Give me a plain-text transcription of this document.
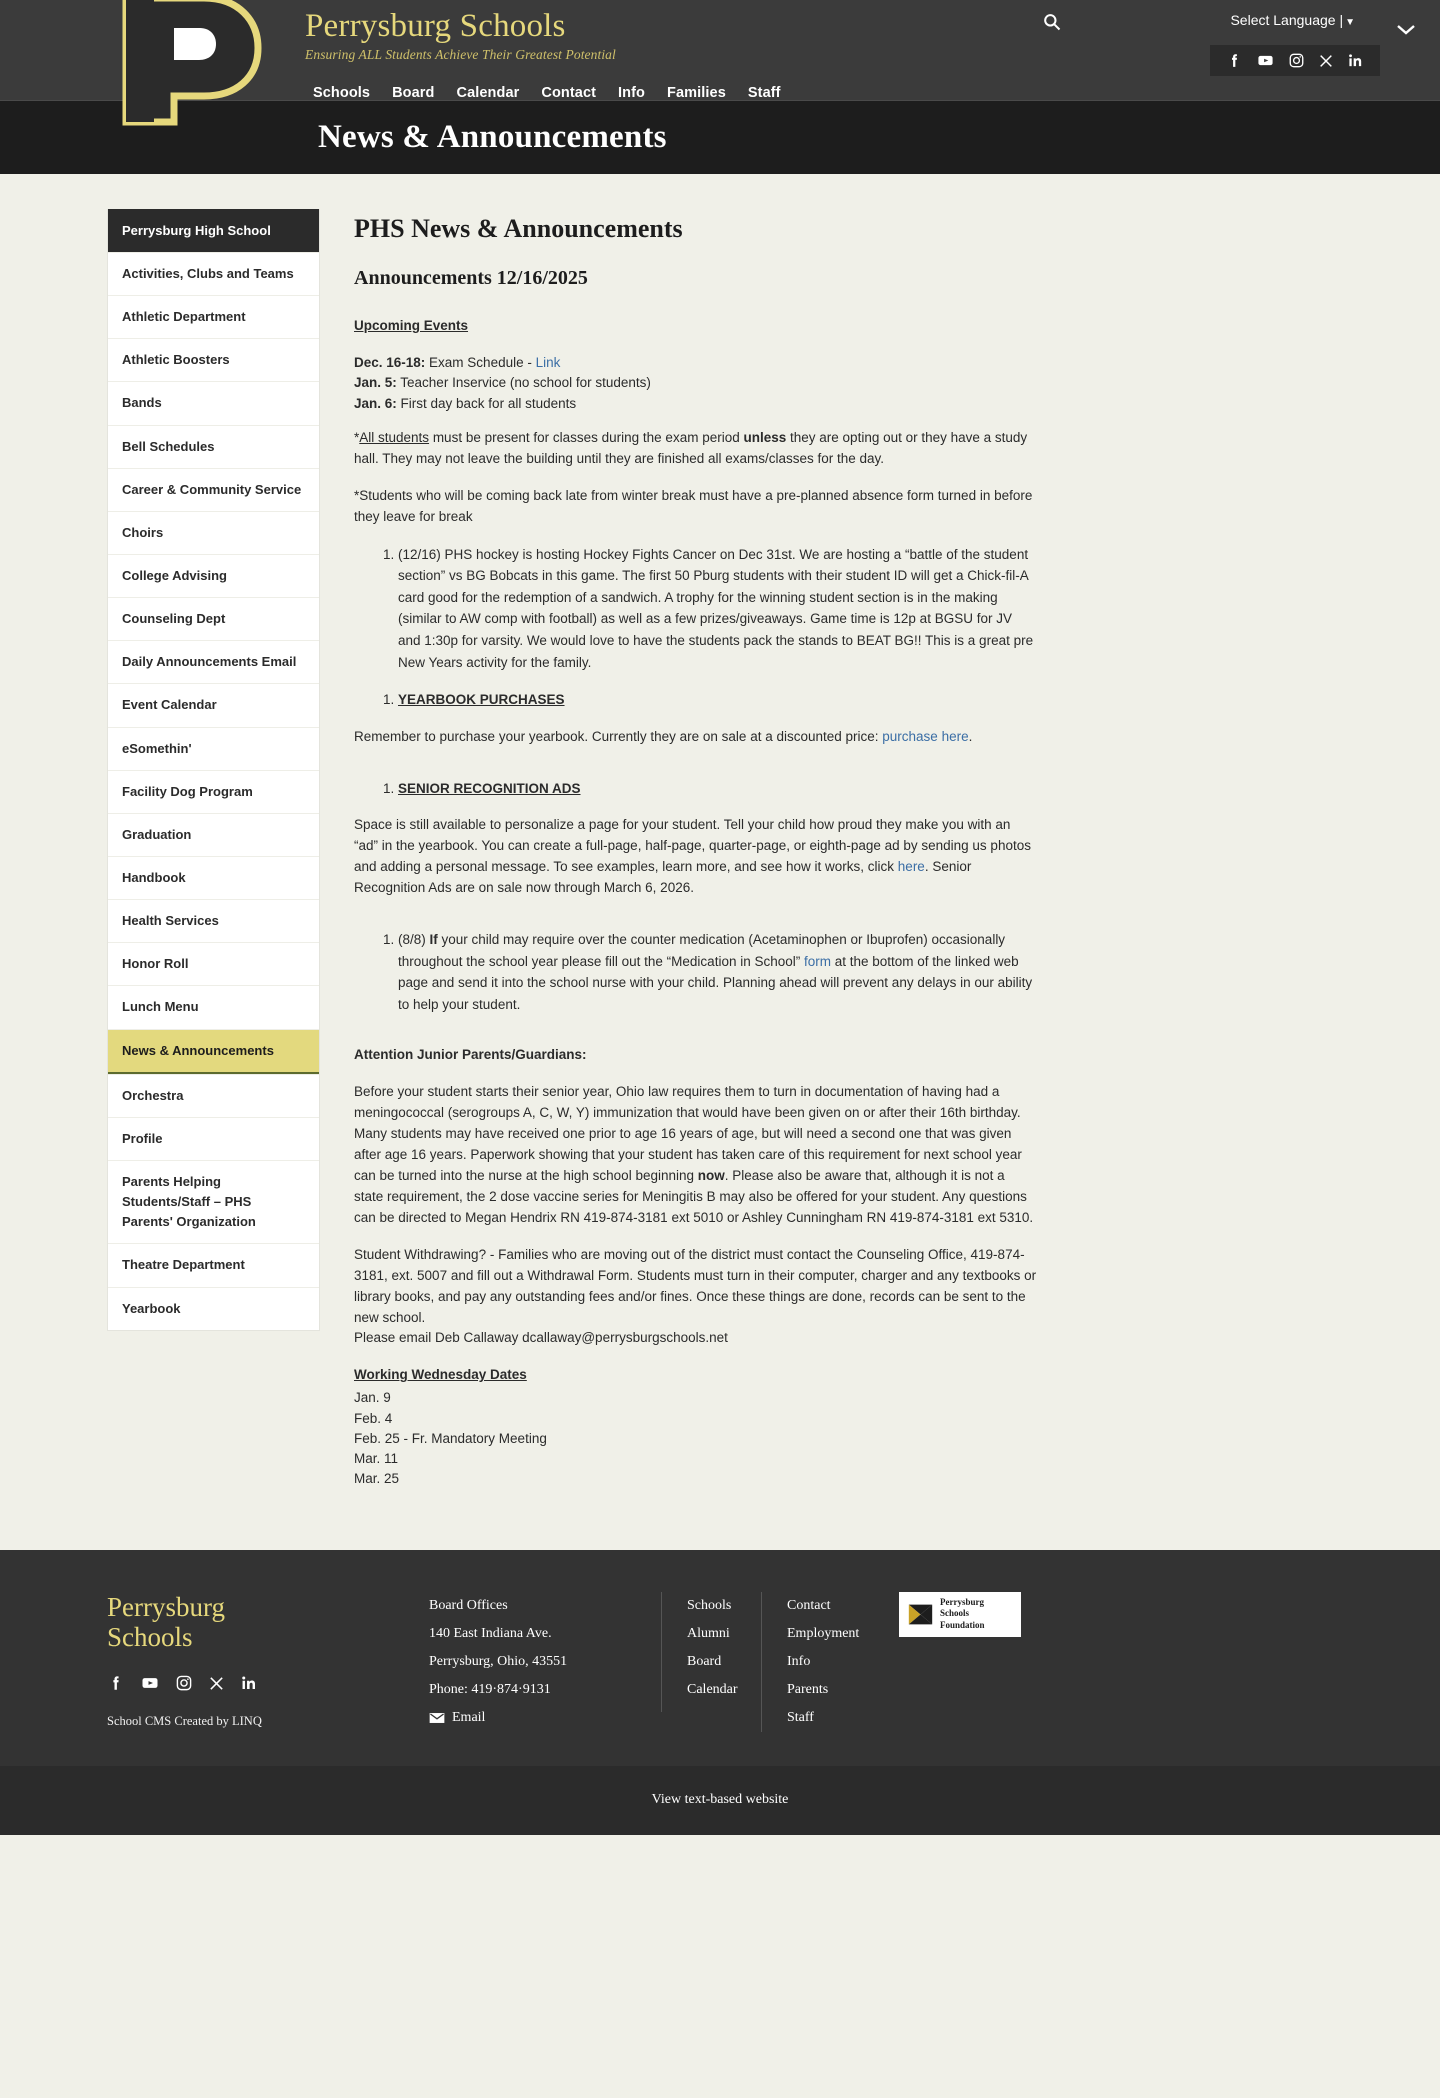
Perrysburg Schools
Ensuring ALL Students Achieve Their Greatest Potential
Schools Board Calendar Contact Info Families Staff
Select Language | ▼
News & Announcements
Perrysburg High School
Activities, Clubs and Teams
Athletic Department
Athletic Boosters
Bands
Bell Schedules
Career & Community Service
Choirs
College Advising
Counseling Dept
Daily Announcements Email
Event Calendar
eSomethin'
Facility Dog Program
Graduation
Handbook
Health Services
Honor Roll
Lunch Menu
News & Announcements
Orchestra
Profile
Parents Helping Students/Staff – PHS Parents' Organization
Theatre Department
Yearbook
PHS News & Announcements
Announcements 12/16/2025

Upcoming Events

Dec. 16-18: Exam Schedule - Link
Jan. 5: Teacher Inservice (no school for students)
Jan. 6: First day back for all students

*All students must be present for classes during the exam period unless they are opting out or they have a study hall. They may not leave the building until they are finished all exams/classes for the day.

*Students who will be coming back late from winter break must have a pre-planned absence form turned in before they leave for break

1. (12/16) PHS hockey is hosting Hockey Fights Cancer on Dec 31st. We are hosting a “battle of the student section” vs BG Bobcats in this game. The first 50 Pburg students with their student ID will get a Chick-fil-A card good for the redemption of a sandwich. A trophy for the winning student section is in the making (similar to AW comp with football) as well as a few prizes/giveaways. Game time is 12p at BGSU for JV and 1:30p for varsity. We would love to have the students pack the stands to BEAT BG!! This is a great pre New Years activity for the family.
1. YEARBOOK PURCHASES

Remember to purchase your yearbook. Currently they are on sale at a discounted price: purchase here.

1. SENIOR RECOGNITION ADS

Space is still available to personalize a page for your student. Tell your child how proud they make you with an “ad” in the yearbook. You can create a full-page, half-page, quarter-page, or eighth-page ad by sending us photos and adding a personal message. To see examples, learn more, and see how it works, click here. Senior Recognition Ads are on sale now through March 6, 2026.

1. (8/8) If your child may require over the counter medication (Acetaminophen or Ibuprofen) occasionally throughout the school year please fill out the “Medication in School” form at the bottom of the linked web page and send it into the school nurse with your child. Planning ahead will prevent any delays in our ability to help your student.

Attention Junior Parents/Guardians:

Before your student starts their senior year, Ohio law requires them to turn in documentation of having had a meningococcal (serogroups A, C, W, Y) immunization that would have been given on or after their 16th birthday. Many students may have received one prior to age 16 years of age, but will need a second one that was given after age 16 years. Paperwork showing that your student has taken care of this requirement for next school year can be turned into the nurse at the high school beginning now. Please also be aware that, although it is not a state requirement, the 2 dose vaccine series for Meningitis B may also be offered for your student. Any questions can be directed to Megan Hendrix RN 419-874-3181 ext 5010 or Ashley Cunningham RN 419-874-3181 ext 5310.

Student Withdrawing? - Families who are moving out of the district must contact the Counseling Office, 419-874-3181, ext. 5007 and fill out a Withdrawal Form. Students must turn in their computer, charger and any textbooks or library books, and pay any outstanding fees and/or fines. Once these things are done, records can be sent to the new school.
Please email Deb Callaway dcallaway@perrysburgschools.net

Working Wednesday Dates

Jan. 9
Feb. 4
Feb. 25 - Fr. Mandatory Meeting
Mar. 11
Mar. 25
Perrysburg
Schools
School CMS Created by LINQ
Board Offices
140 East Indiana Ave.
Perrysburg, Ohio, 43551
Phone: 419·874·9131
Email
Schools
Alumni
Board
Calendar
Contact
Employment
Info
Parents
Staff
Perrysburg
Schools
Foundation
View text-based website
